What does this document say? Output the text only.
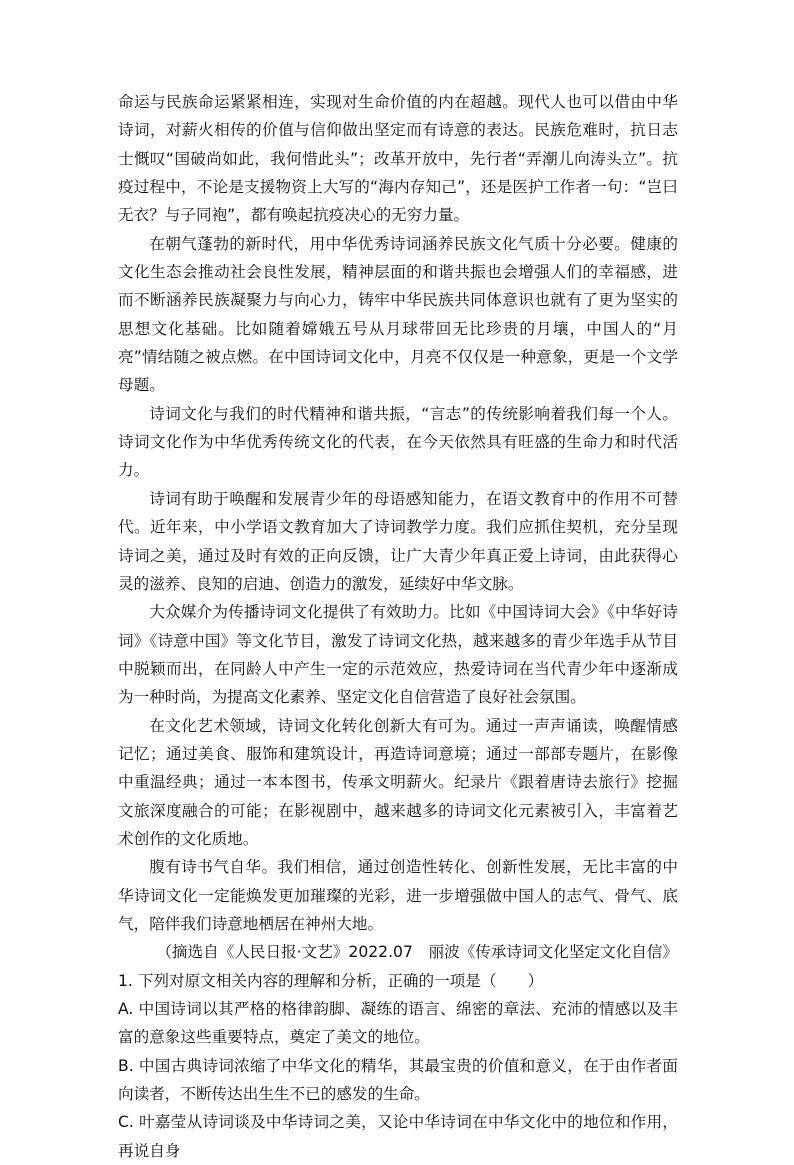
命运与民族命运紧紧相连，实现对生命价值的内在超越。现代人也可以借由中华诗词，对薪火相传的价值与信仰做出坚定而有诗意的表达。民族危难时，抗日志士慨叹“国破尚如此，我何惜此头”；改革开放中，先行者“弄潮儿向涛头立”。抗疫过程中，不论是支援物资上大写的“海内存知己”，还是医护工作者一句：“岂曰无衣？与子同袍”，都有唤起抗疫决心的无穷力量。

在朝气蓬勃的新时代，用中华优秀诗词涵养民族文化气质十分必要。健康的文化生态会推动社会良性发展，精神层面的和谐共振也会增强人们的幸福感，进而不断涵养民族凝聚力与向心力，铸牢中华民族共同体意识也就有了更为坚实的思想文化基础。比如随着嫦娥五号从月球带回无比珍贵的月壤，中国人的“月亮”情结随之被点燃。在中国诗词文化中，月亮不仅仅是一种意象，更是一个文学母题。

诗词文化与我们的时代精神和谐共振，“言志”的传统影响着我们每一个人。诗词文化作为中华优秀传统文化的代表，在今天依然具有旺盛的生命力和时代活力。

诗词有助于唤醒和发展青少年的母语感知能力，在语文教育中的作用不可替代。近年来，中小学语文教育加大了诗词教学力度。我们应抓住契机，充分呈现诗词之美，通过及时有效的正向反馈，让广大青少年真正爱上诗词，由此获得心灵的滋养、良知的启迪、创造力的激发，延续好中华文脉。

大众媒介为传播诗词文化提供了有效助力。比如《中国诗词大会》《中华好诗词》《诗意中国》等文化节目，激发了诗词文化热，越来越多的青少年选手从节目中脱颖而出，在同龄人中产生一定的示范效应，热爱诗词在当代青少年中逐渐成为一种时尚，为提高文化素养、坚定文化自信营造了良好社会氛围。

在文化艺术领域，诗词文化转化创新大有可为。通过一声声诵读，唤醒情感记忆；通过美食、服饰和建筑设计，再造诗词意境；通过一部部专题片，在影像中重温经典；通过一本本图书，传承文明薪火。纪录片《跟着唐诗去旅行》挖掘文旅深度融合的可能；在影视剧中，越来越多的诗词文化元素被引入，丰富着艺术创作的文化质地。

腹有诗书气自华。我们相信，通过创造性转化、创新性发展，无比丰富的中华诗词文化一定能焕发更加璀璨的光彩，进一步增强做中国人的志气、骨气、底气，陪伴我们诗意地栖居在神州大地。

（摘选自《人民日报·文艺》2022.07　丽波《传承诗词文化坚定文化自信》

1. 下列对原文相关内容的理解和分析，正确的一项是（　　）

A. 中国诗词以其严格的格律韵脚、凝练的语言、绵密的章法、充沛的情感以及丰富的意象这些重要特点，奠定了美文的地位。

B. 中国古典诗词浓缩了中华文化的精华，其最宝贵的价值和意义，在于由作者面向读者，不断传达出生生不已的感发的生命。

C. 叶嘉莹从诗词谈及中华诗词之美，又论中华诗词在中华文化中的地位和作用，再说自身
